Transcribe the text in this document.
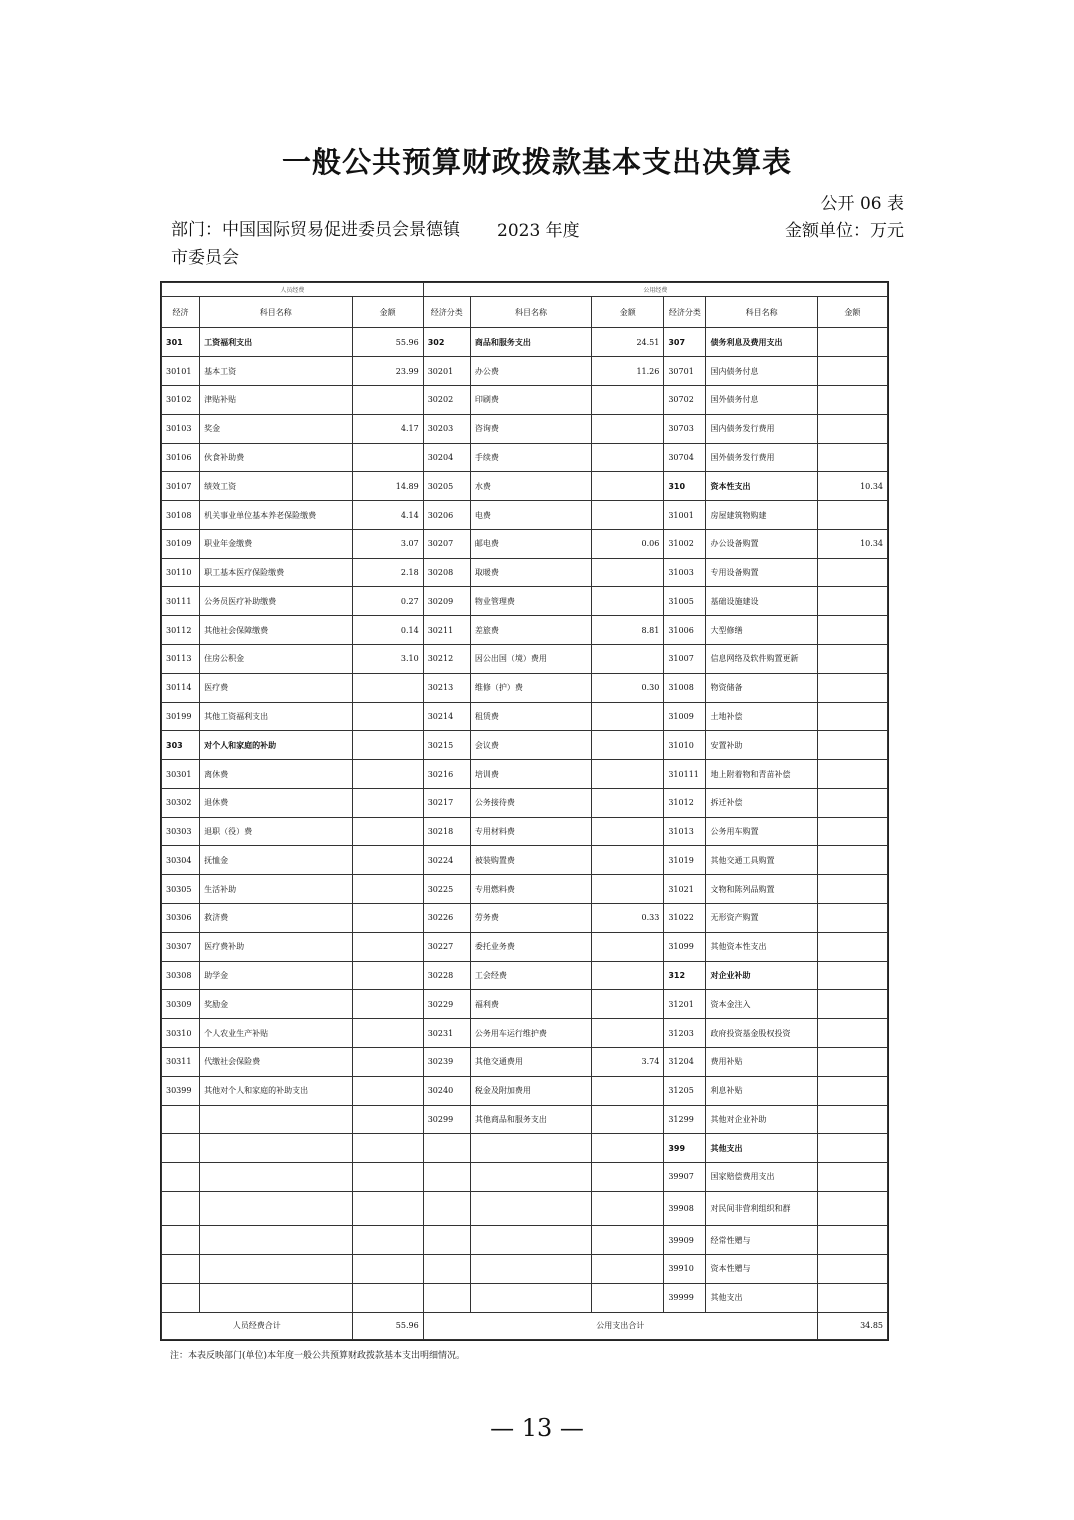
一般公共预算财政拨款基本支出决算表
公开 06 表
部门：中国国际贸易促进委员会景德镇市委员会
2023 年度	金额单位：万元
人员经费			公用经费					
经济	科目名称	金额	经济分类	科目名称	金额	经济分类	科目名称	金额
301	工资福利支出	55.96	302	商品和服务支出	24.51	307	债务利息及费用支出	
30101	基本工资	23.99	30201	办公费	11.26	30701	国内债务付息	
30102	津贴补贴		30202	印刷费		30702	国外债务付息	
30103	奖金	4.17	30203	咨询费		30703	国内债务发行费用	
30106	伙食补助费		30204	手续费		30704	国外债务发行费用	
30107	绩效工资	14.89	30205	水费		310	资本性支出	10.34
30108	机关事业单位基本养老保险缴费	4.14	30206	电费		31001	房屋建筑物购建	
30109	职业年金缴费	3.07	30207	邮电费	0.06	31002	办公设备购置	10.34
30110	职工基本医疗保险缴费	2.18	30208	取暖费		31003	专用设备购置	
30111	公务员医疗补助缴费	0.27	30209	物业管理费		31005	基础设施建设	
30112	其他社会保障缴费	0.14	30211	差旅费	8.81	31006	大型修缮	
30113	住房公积金	3.10	30212	因公出国（境）费用		31007	信息网络及软件购置更新	
30114	医疗费		30213	维修（护）费	0.30	31008	物资储备	
30199	其他工资福利支出		30214	租赁费		31009	土地补偿	
303	对个人和家庭的补助		30215	会议费		31010	安置补助	
30301	离休费		30216	培训费		310111	地上附着物和青苗补偿	
30302	退休费		30217	公务接待费		31012	拆迁补偿	
30303	退职（役）费		30218	专用材料费		31013	公务用车购置	
30304	抚恤金		30224	被装购置费		31019	其他交通工具购置	
30305	生活补助		30225	专用燃料费		31021	文物和陈列品购置	
30306	救济费		30226	劳务费	0.33	31022	无形资产购置	
30307	医疗费补助		30227	委托业务费		31099	其他资本性支出	
30308	助学金		30228	工会经费		312	对企业补助	
30309	奖励金		30229	福利费		31201	资本金注入	
30310	个人农业生产补贴		30231	公务用车运行维护费		31203	政府投资基金股权投资	
30311	代缴社会保险费		30239	其他交通费用	3.74	31204	费用补贴	
30399	其他对个人和家庭的补助支出		30240	税金及附加费用		31205	利息补贴	
			30299	其他商品和服务支出		31299	其他对企业补助	
						399	其他支出	
						39907	国家赔偿费用支出	
						39908	对民间非营利组织和群	
						39909	经常性赠与	
						39910	资本性赠与	
						39999	其他支出	
人员经费合计		55.96	公用支出合计					34.85
注：本表反映部门(单位)本年度一般公共预算财政拨款基本支出明细情况。
— 13 —
